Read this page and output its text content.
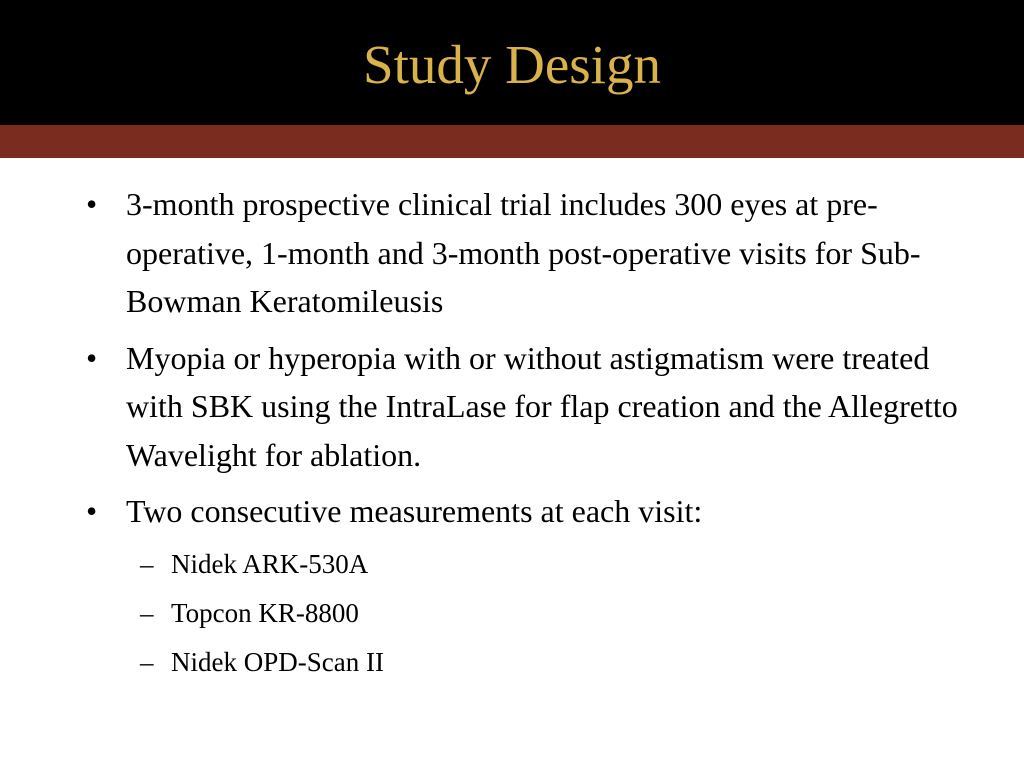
Study Design
• 3-month prospective clinical trial includes 300 eyes at pre-operative, 1-month and 3-month post-operative visits for Sub-Bowman Keratomileusis
• Myopia or hyperopia with or without astigmatism were treated with SBK using the IntraLase for flap creation and the Allegretto Wavelight for ablation.
• Two consecutive measurements at each visit:
– Nidek ARK-530A
– Topcon KR-8800
– Nidek OPD-Scan II
